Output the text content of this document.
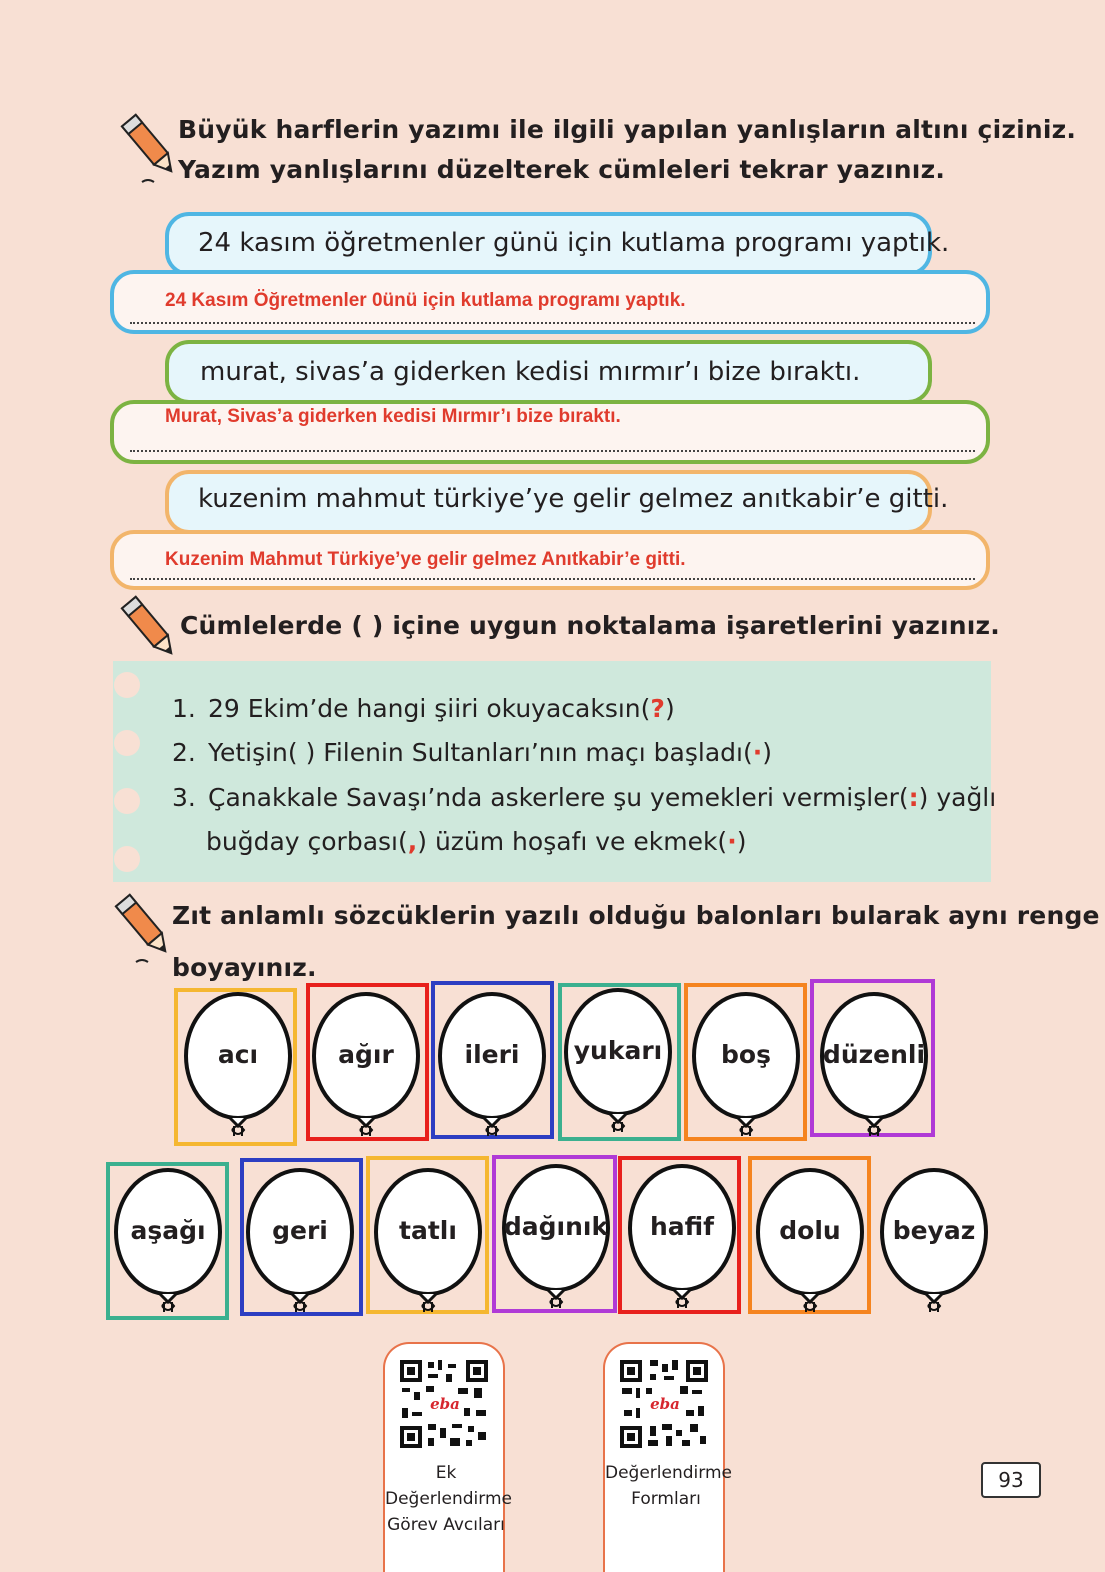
Büyük harflerin yazımı ile ilgili yapılan yanlışların altını çiziniz.
Yazım yanlışlarını düzelterek cümleleri tekrar yazınız.
24 kasım öğretmenler günü için kutlama programı yaptık.
24 Kasım Öğretmenler 0ünü için kutlama programı yaptık.
murat, sivas’a giderken kedisi mırmır’ı bize bıraktı.
Murat, Sivas’a giderken kedisi Mırmır’ı bize bıraktı.
kuzenim mahmut türkiye’ye gelir gelmez anıtkabir’e gitti.
Kuzenim Mahmut Türkiye’ye gelir gelmez Anıtkabir’e gitti.
Cümlelerde ( ) içine uygun noktalama işaretlerini yazınız.
1. 29 Ekim’de hangi şiiri okuyacaksın(?)
2. Yetişin( ) Filenin Sultanları’nın maçı başladı(·)
3. Çanakkale Savaşı’nda askerlere şu yemekleri vermişler(:) yağlı
buğday çorbası(,) üzüm hoşafı ve ekmek(·)
Zıt anlamlı sözcüklerin yazılı olduğu balonları bularak aynı renge
boyayınız.
acı	ağır	ileri	yukarı	boş	düzenli
aşağı	geri	tatlı	dağınık	hafif	dolu	beyaz
eba
Ek
Değerlendirme
Görev Avcıları
eba
Değerlendirme
Formları
93
